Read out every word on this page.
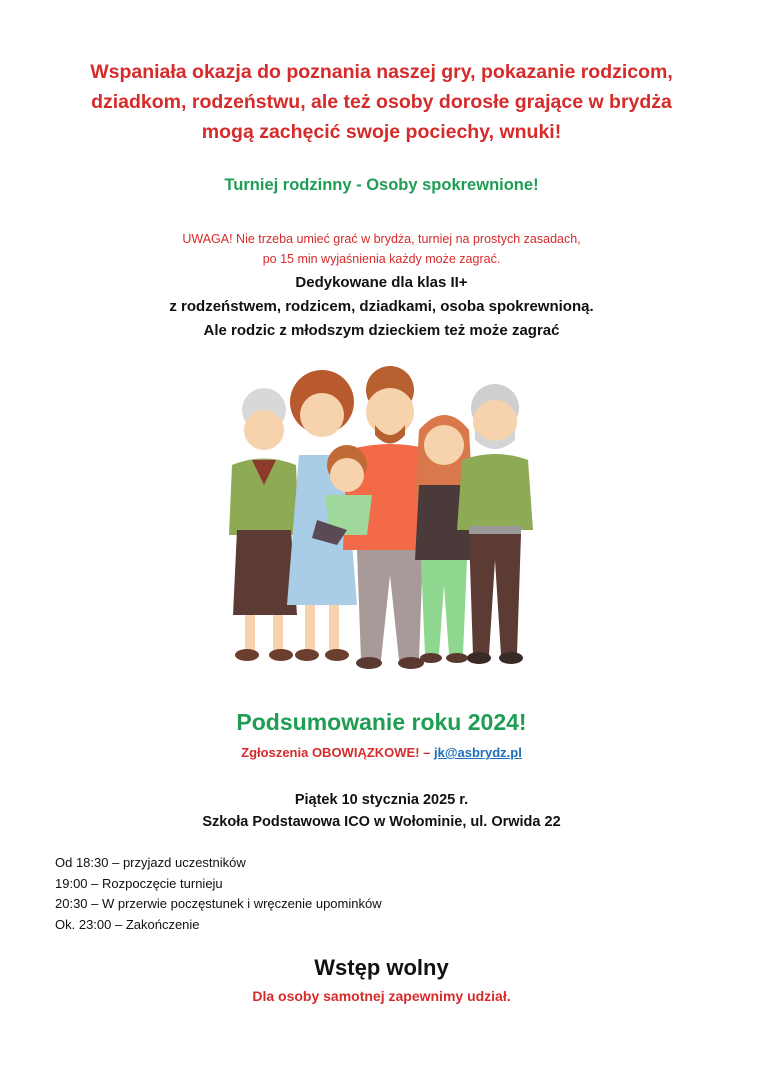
Wspaniała okazja do poznania naszej gry, pokazanie rodzicom,
dziadkom, rodzeństwu, ale też osoby dorosłe grające w brydża
mogą zachęcić swoje pociechy, wnuki!
Turniej rodzinny - Osoby spokrewnione!
UWAGA! Nie trzeba umieć grać w brydża, turniej na prostych zasadach,
po 15 min wyjaśnienia każdy może zagrać.
Dedykowane dla klas II+
z rodzeństwem, rodzicem, dziadkami, osoba spokrewnioną.
Ale rodzic z młodszym dzieckiem też może zagrać
Podsumowanie roku 2024!
Zgłoszenia OBOWIĄZKOWE! – jk@asbrydz.pl
Piątek 10 stycznia 2025 r.
Szkoła Podstawowa ICO w Wołominie, ul. Orwida 22
Od 18:30 – przyjazd uczestników
19:00 – Rozpoczęcie turnieju
20:30 – W przerwie poczęstunek i wręczenie upominków
Ok. 23:00 – Zakończenie
Wstęp wolny
Dla osoby samotnej zapewnimy udział.
